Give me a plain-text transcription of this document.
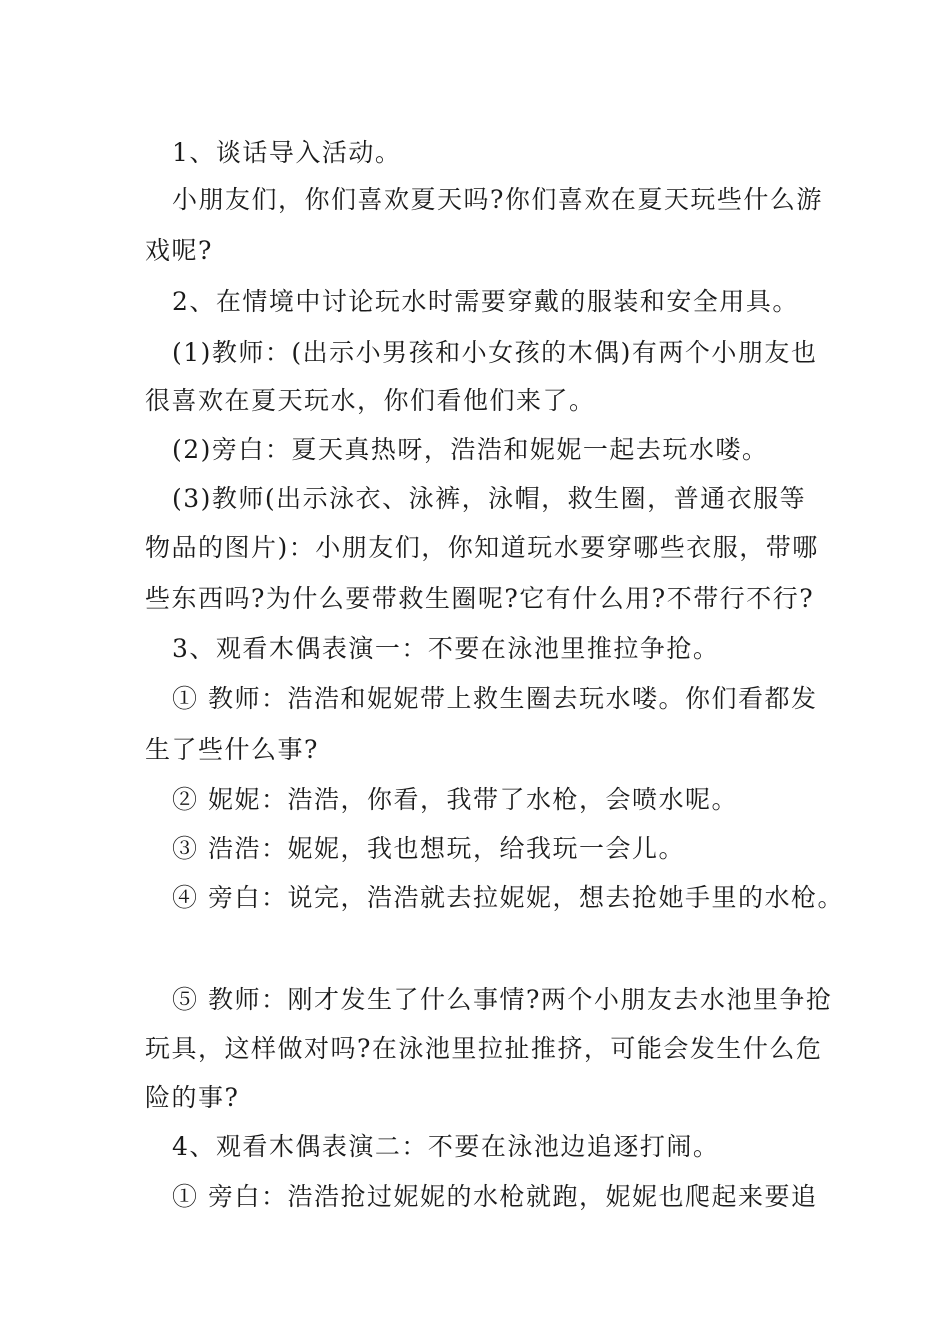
1、谈话导入活动。
小朋友们，你们喜欢夏天吗?你们喜欢在夏天玩些什么游
戏呢?
2、在情境中讨论玩水时需要穿戴的服装和安全用具。
(1)教师：(出示小男孩和小女孩的木偶)有两个小朋友也
很喜欢在夏天玩水，你们看他们来了。
(2)旁白：夏天真热呀，浩浩和妮妮一起去玩水喽。
(3)教师(出示泳衣、泳裤，泳帽，救生圈，普通衣服等
物品的图片)：小朋友们，你知道玩水要穿哪些衣服，带哪
些东西吗?为什么要带救生圈呢?它有什么用?不带行不行?
3、观看木偶表演一：不要在泳池里推拉争抢。
① 教师：浩浩和妮妮带上救生圈去玩水喽。你们看都发
生了些什么事?
② 妮妮：浩浩，你看，我带了水枪，会喷水呢。
③ 浩浩：妮妮，我也想玩，给我玩一会儿。
④ 旁白：说完，浩浩就去拉妮妮，想去抢她手里的水枪。
⑤ 教师：刚才发生了什么事情?两个小朋友去水池里争抢
玩具，这样做对吗?在泳池里拉扯推挤，可能会发生什么危
险的事?
4、观看木偶表演二：不要在泳池边追逐打闹。
① 旁白：浩浩抢过妮妮的水枪就跑，妮妮也爬起来要追
